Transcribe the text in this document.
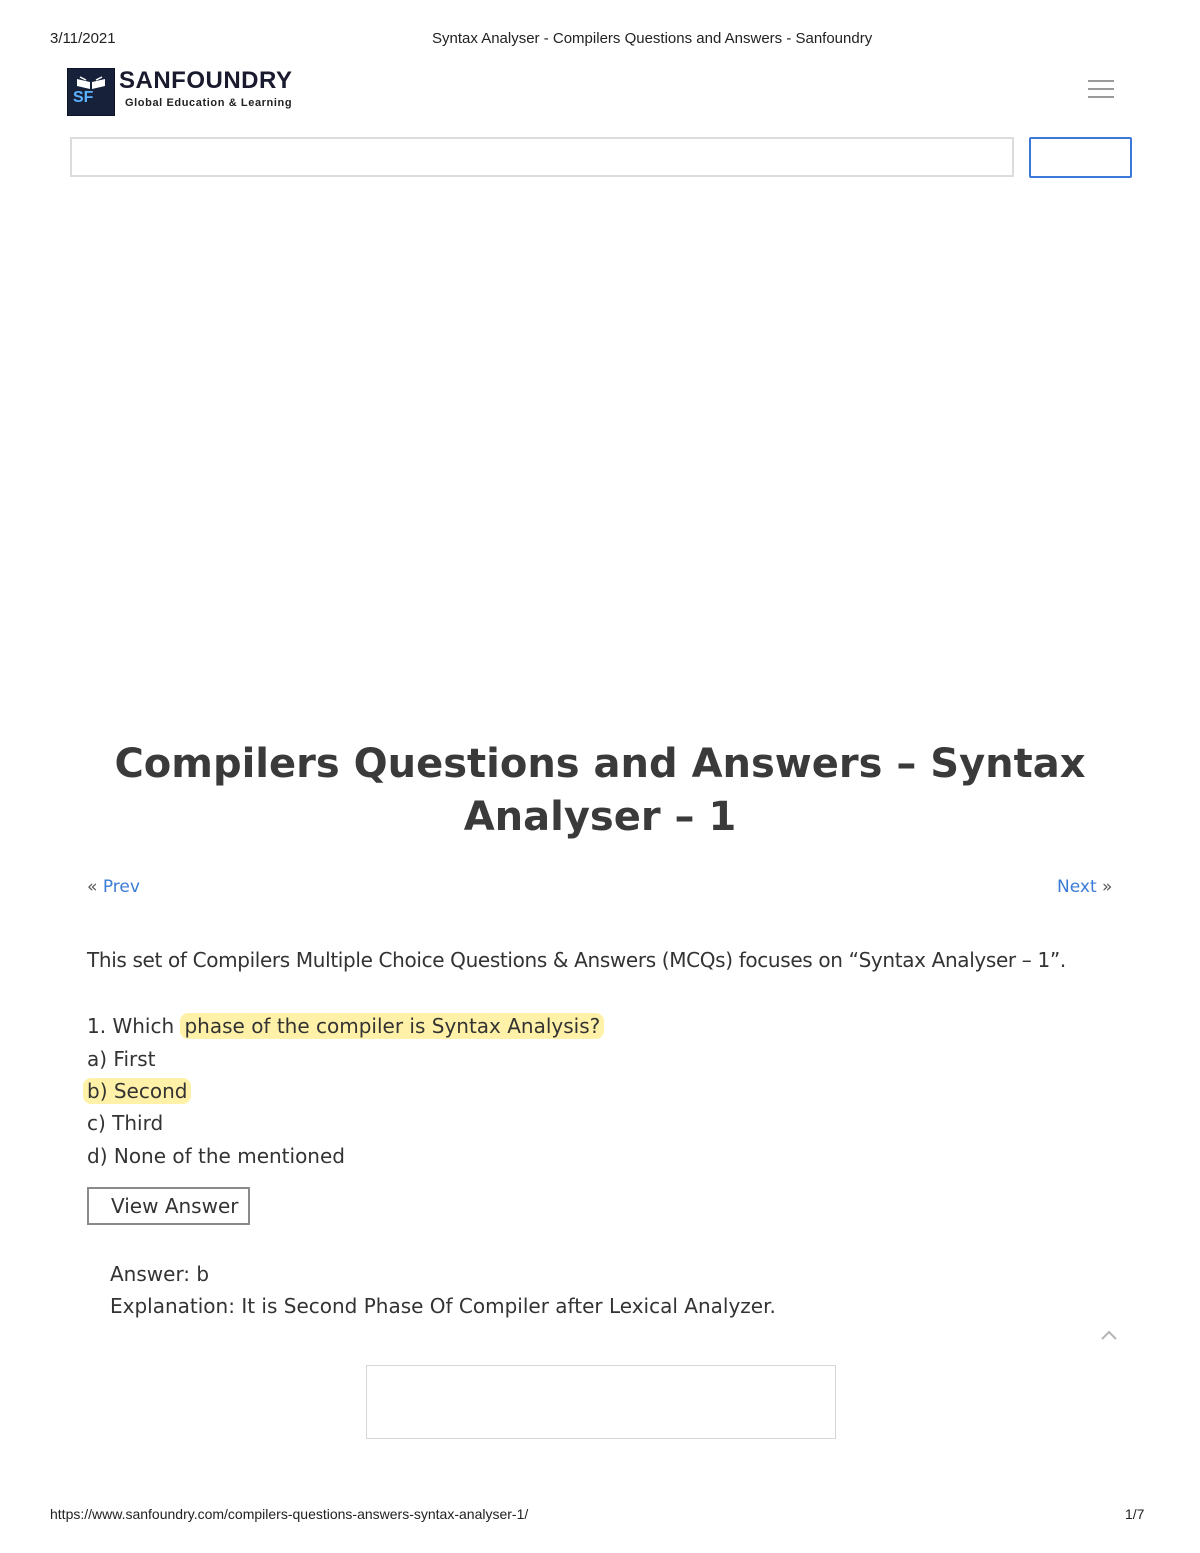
3/11/2021	Syntax Analyser - Compilers Questions and Answers - Sanfoundry
SF
SANFOUNDRY
Global Education & Learning
Compilers Questions and Answers – Syntax Analyser – 1
« Prev	Next »
This set of Compilers Multiple Choice Questions & Answers (MCQs) focuses on “Syntax Analyser – 1”.
1. Which phase of the compiler is Syntax Analysis?
a) First
b) Second
c) Third
d) None of the mentioned
View Answer
Answer: b
Explanation: It is Second Phase Of Compiler after Lexical Analyzer.
https://www.sanfoundry.com/compilers-questions-answers-syntax-analyser-1/	1/7
